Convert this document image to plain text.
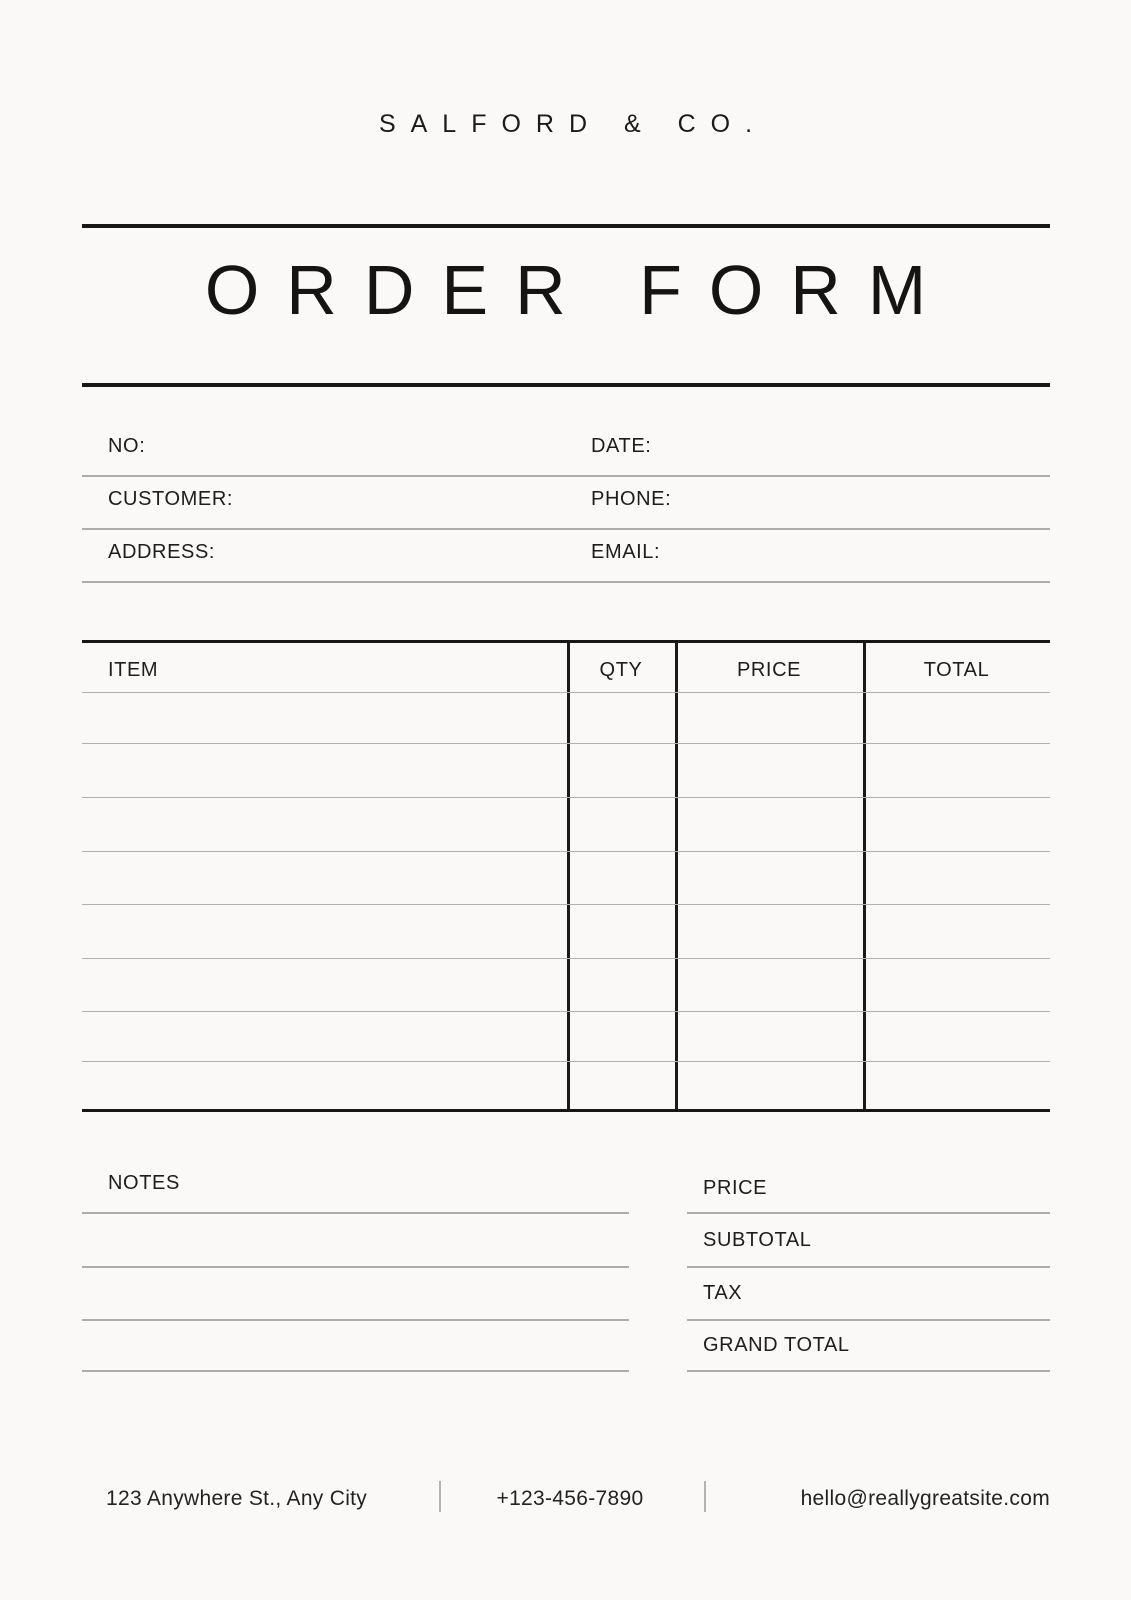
SALFORD & CO.
ORDER FORM
NO:	DATE:
CUSTOMER:	PHONE:
ADDRESS:	EMAIL:
ITEM	QTY	PRICE	TOTAL
NOTES	PRICE
SUBTOTAL
TAX
GRAND TOTAL
123 Anywhere St., Any City	+123-456-7890	hello@reallygreatsite.com
